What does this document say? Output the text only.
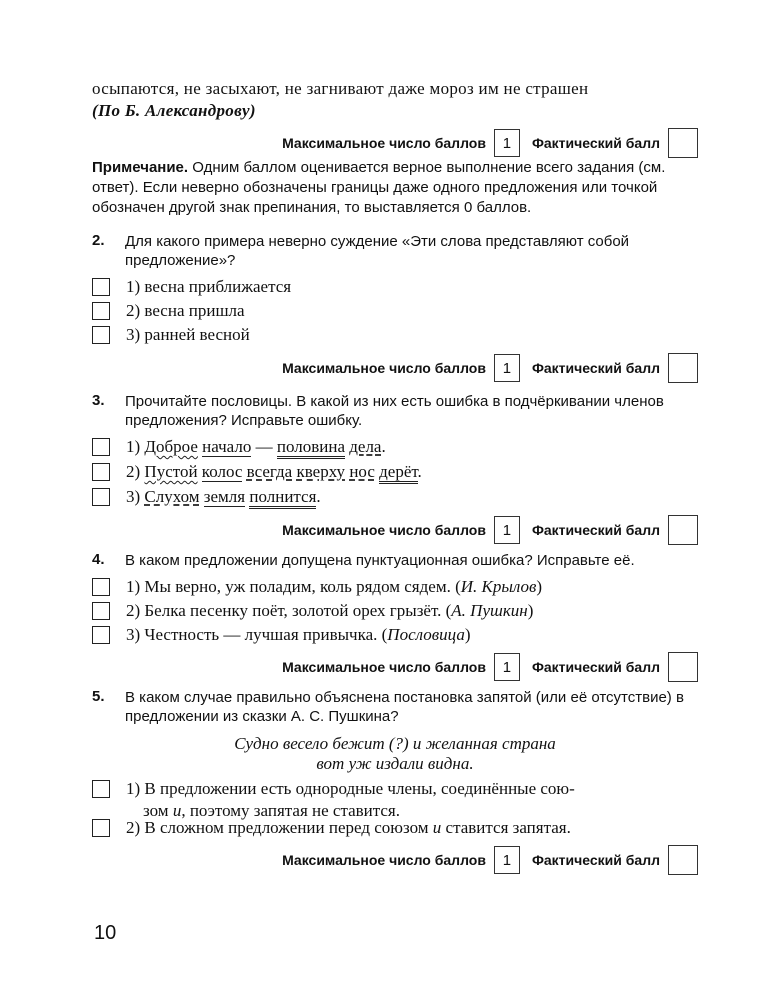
осыпаются, не засыхают, не загнивают даже мороз им не страшен

(По Б. Александрову)

Максимальное число баллов	1	Фактический балл
Примечание. Одним баллом оценивается верное выполнение всего задания (см. ответ). Если неверно обозначены границы даже одного предложения или точкой обозначен другой знак препинания, то выставляется 0 баллов.
2. Для какого примера неверно суждение «Эти слова представляют собой предложение»?
1) весна приближается
2) весна пришла
3) ранней весной
Максимальное число баллов	1	Фактический балл
3. Прочитайте пословицы. В какой из них есть ошибка в подчёркивании членов предложения? Исправьте ошибку.
1) Доброе начало — половина дела.
2) Пустой колос всегда кверху нос дерёт.
3) Слухом земля полнится.
Максимальное число баллов	1	Фактический балл
4. В каком предложении допущена пунктуационная ошибка? Исправьте её.
1) Мы верно, уж поладим, коль рядом сядем. (И. Крылов)
2) Белка песенку поёт, золотой орех грызёт. (А. Пушкин)
3) Честность — лучшая привычка. (Пословица)
Максимальное число баллов	1	Фактический балл
5. В каком случае правильно объяснена постановка запятой (или её отсутствие) в предложении из сказки А. С. Пушкина?
Судно весело бежит (?) и желанная страна
вот уж издали видна.
1) В предложении есть однородные члены, соединённые сою-
зом и, поэтому запятая не ставится.
2) В сложном предложении перед союзом и ставится запятая.
Максимальное число баллов	1	Фактический балл
10
